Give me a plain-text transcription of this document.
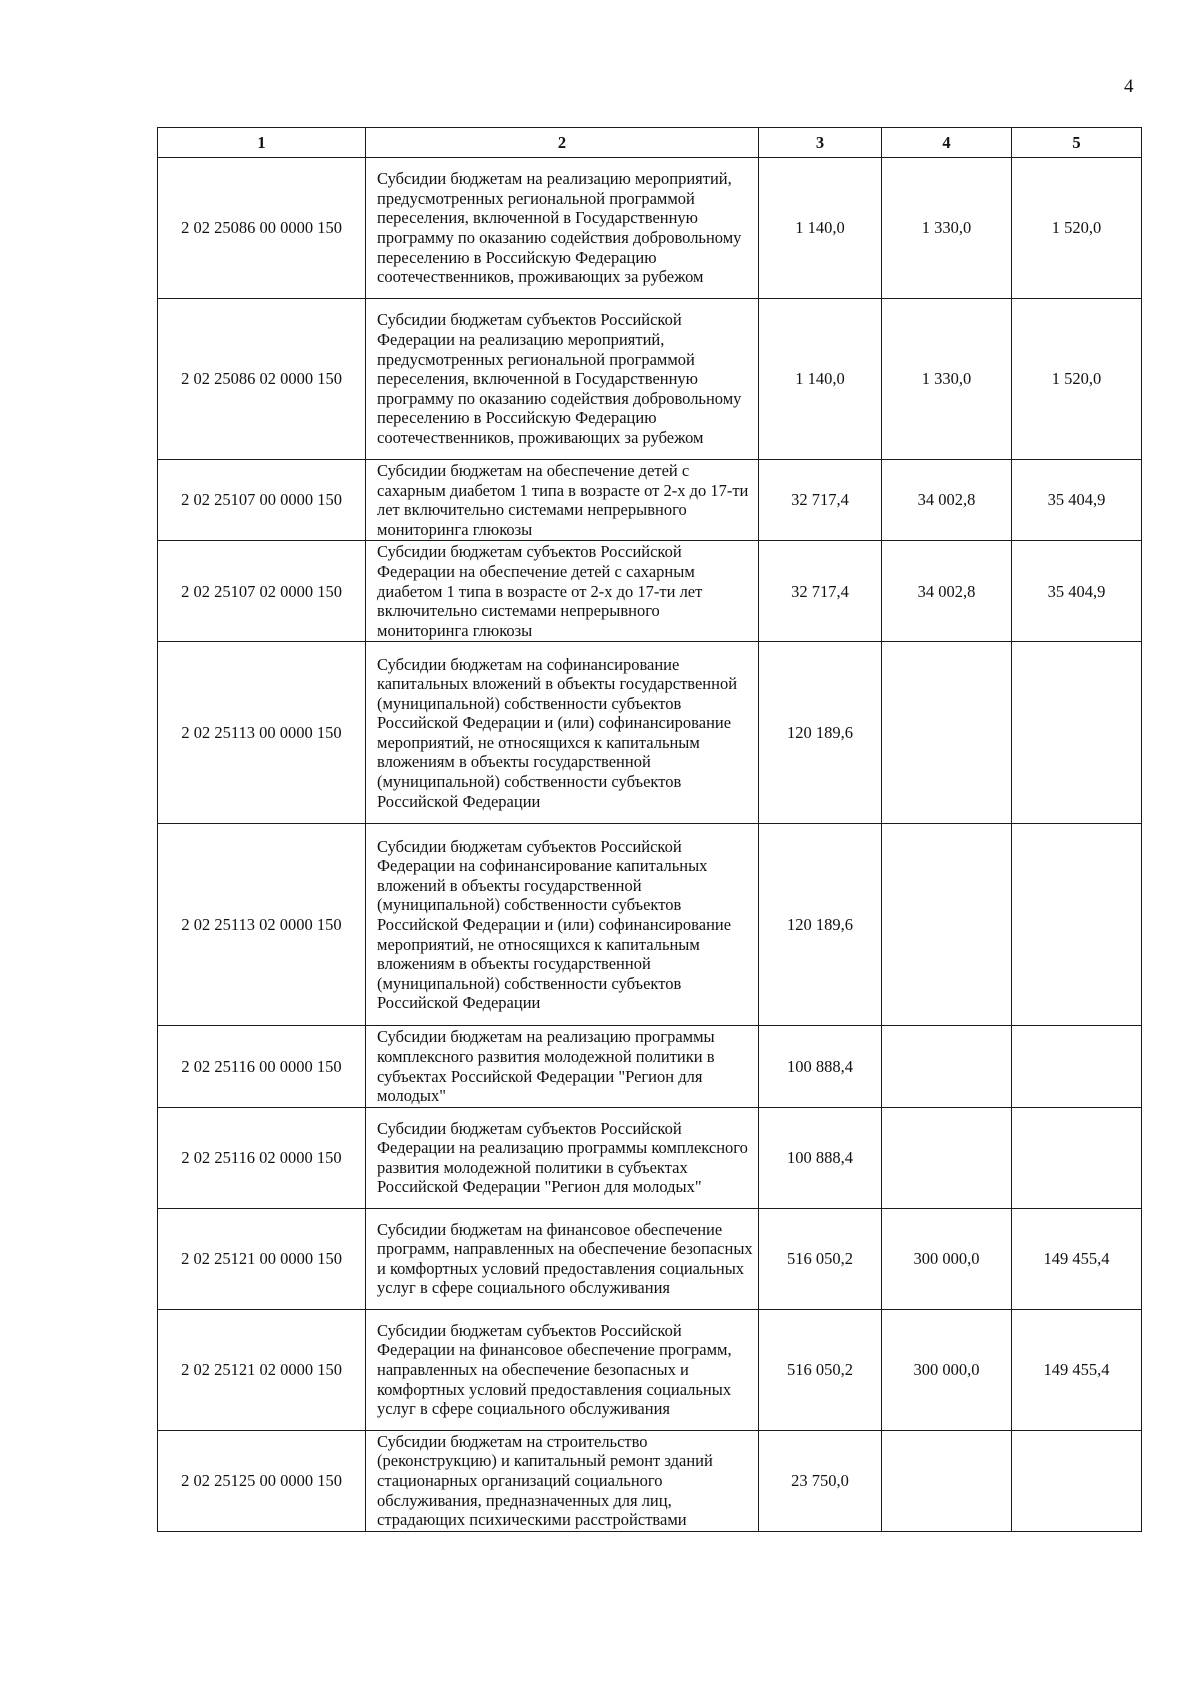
4
1	2	3	4	5
2 02 25086 00 0000 150	Субсидии бюджетам на реализацию мероприятий, предусмотренных региональной программой переселения, включенной в Государственную программу по оказанию содействия добровольному переселению в Российскую Федерацию соотечественников, проживающих за рубежом	1 140,0	1 330,0	1 520,0
2 02 25086 02 0000 150	Субсидии бюджетам субъектов Российской Федерации на реализацию мероприятий, предусмотренных региональной программой переселения, включенной в Государственную программу по оказанию содействия добровольному переселению в Российскую Федерацию соотечественников, проживающих за рубежом	1 140,0	1 330,0	1 520,0
2 02 25107 00 0000 150	Субсидии бюджетам на обеспечение детей с сахарным диабетом 1 типа в возрасте от 2-х до 17-ти лет включительно системами непрерывного мониторинга глюкозы	32 717,4	34 002,8	35 404,9
2 02 25107 02 0000 150	Субсидии бюджетам субъектов Российской Федерации на обеспечение детей с сахарным диабетом 1 типа в возрасте от 2-х до 17-ти лет включительно системами непрерывного мониторинга глюкозы	32 717,4	34 002,8	35 404,9
2 02 25113 00 0000 150	Субсидии бюджетам на софинансирование капитальных вложений в объекты государственной (муниципальной) собственности субъектов Российской Федерации и (или) софинансирование мероприятий, не относящихся к капитальным вложениям в объекты государственной (муниципальной) собственности субъектов Российской Федерации	120 189,6		
2 02 25113 02 0000 150	Субсидии бюджетам субъектов Российской Федерации на софинансирование капитальных вложений в объекты государственной (муниципальной) собственности субъектов Российской Федерации и (или) софинансирование мероприятий, не относящихся к капитальным вложениям в объекты государственной (муниципальной) собственности субъектов Российской Федерации	120 189,6		
2 02 25116 00 0000 150	Субсидии бюджетам на реализацию программы комплексного развития молодежной политики в субъектах Российской Федерации "Регион для молодых"	100 888,4		
2 02 25116 02 0000 150	Субсидии бюджетам субъектов Российской Федерации на реализацию программы комплексного развития молодежной политики в субъектах Российской Федерации "Регион для молодых"	100 888,4		
2 02 25121 00 0000 150	Субсидии бюджетам на финансовое обеспечение программ, направленных на обеспечение безопасных и комфортных условий предоставления социальных услуг в сфере социального обслуживания	516 050,2	300 000,0	149 455,4
2 02 25121 02 0000 150	Субсидии бюджетам субъектов Российской Федерации на финансовое обеспечение программ, направленных на обеспечение безопасных и комфортных условий предоставления социальных услуг в сфере социального обслуживания	516 050,2	300 000,0	149 455,4
2 02 25125 00 0000 150	Субсидии бюджетам на строительство (реконструкцию) и капитальный ремонт зданий стационарных организаций социального обслуживания, предназначенных для лиц, страдающих психическими расстройствами	23 750,0		
